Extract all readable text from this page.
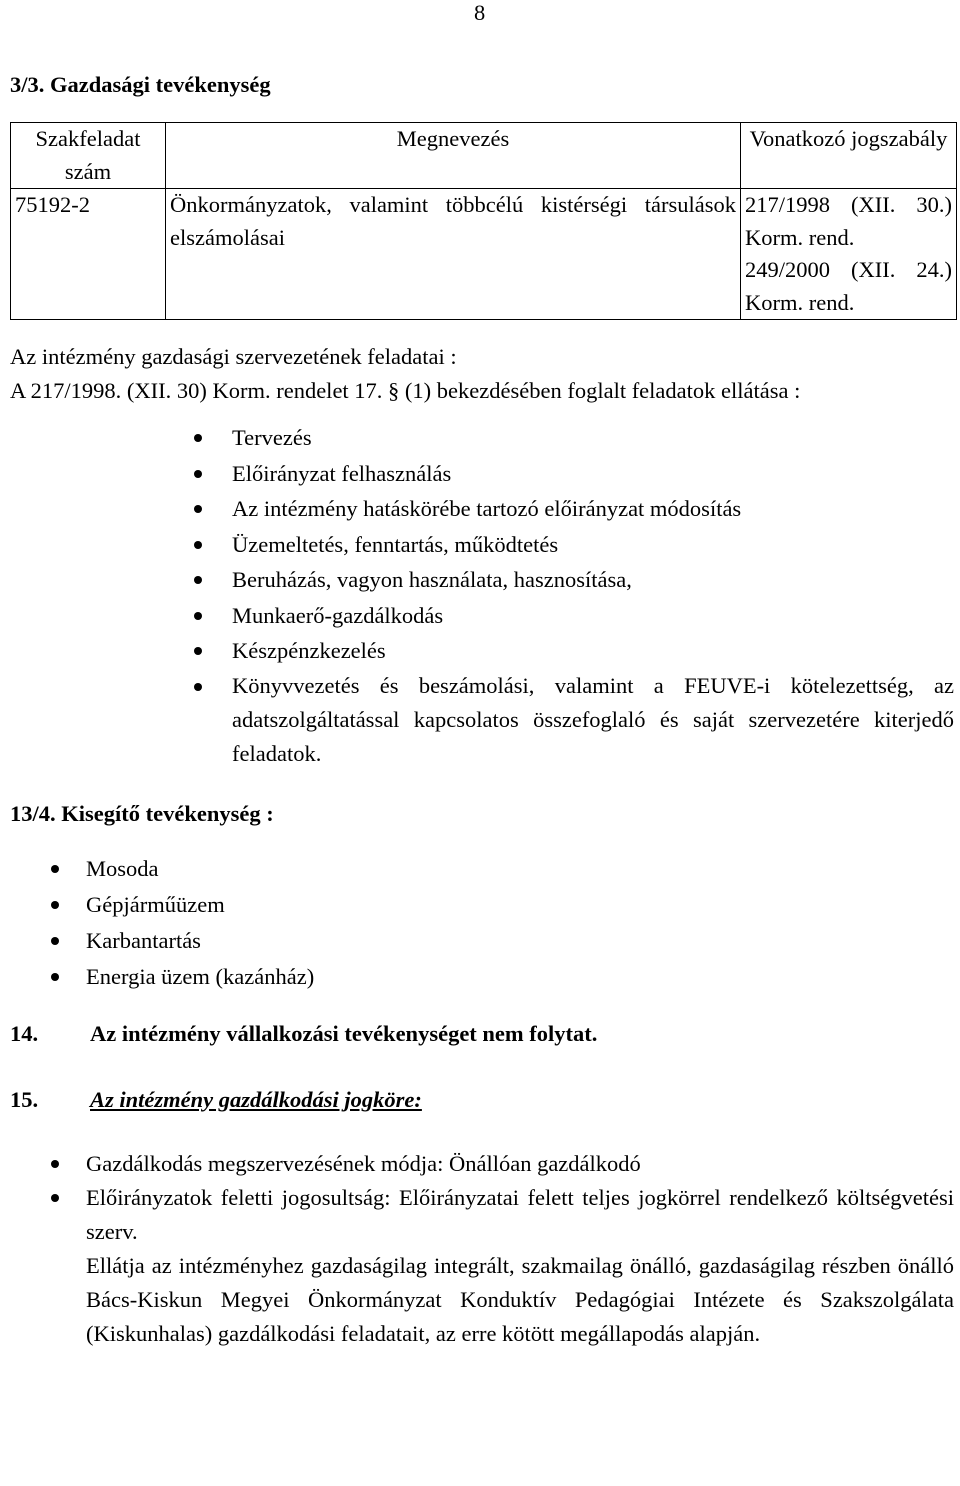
8
3/3. Gazdasági tevékenység
Szakfeladat szám	Megnevezés	Vonatkozó jogszabály
75192-2	Önkormányzatok, valamint többcélú kistérségi társulások elszámolásai	217/1998 (XII. 30.) Korm. rend.
249/2000 (XII. 24.) Korm. rend.
Az intézmény gazdasági szervezetének feladatai :
A 217/1998. (XII. 30) Korm. rendelet 17. § (1) bekezdésében foglalt feladatok ellátása :
Tervezés
Előirányzat felhasználás
Az intézmény hatáskörébe tartozó előirányzat módosítás
Üzemeltetés, fenntartás, működtetés
Beruházás, vagyon használata, hasznosítása,
Munkaerő-gazdálkodás
Készpénzkezelés
Könyvvezetés és beszámolási, valamint a FEUVE-i kötelezettség, az adatszolgáltatással kapcsolatos összefoglaló és saját szervezetére kiterjedő feladatok.
13/4. Kisegítő tevékenység :
Mosoda
Gépjárműüzem
Karbantartás
Energia üzem (kazánház)
14.	Az intézmény vállalkozási tevékenységet nem folytat.
15.	Az intézmény gazdálkodási jogköre:
Gazdálkodás megszervezésének módja: Önállóan gazdálkodó
Előirányzatok feletti jogosultság: Előirányzatai felett teljes jogkörrel rendelkező költségvetési szerv.
Ellátja az intézményhez gazdaságilag integrált, szakmailag önálló, gazdaságilag részben önálló Bács-Kiskun Megyei Önkormányzat Konduktív Pedagógiai Intézete és Szakszolgálata (Kiskunhalas) gazdálkodási feladatait, az erre kötött megállapodás alapján.
